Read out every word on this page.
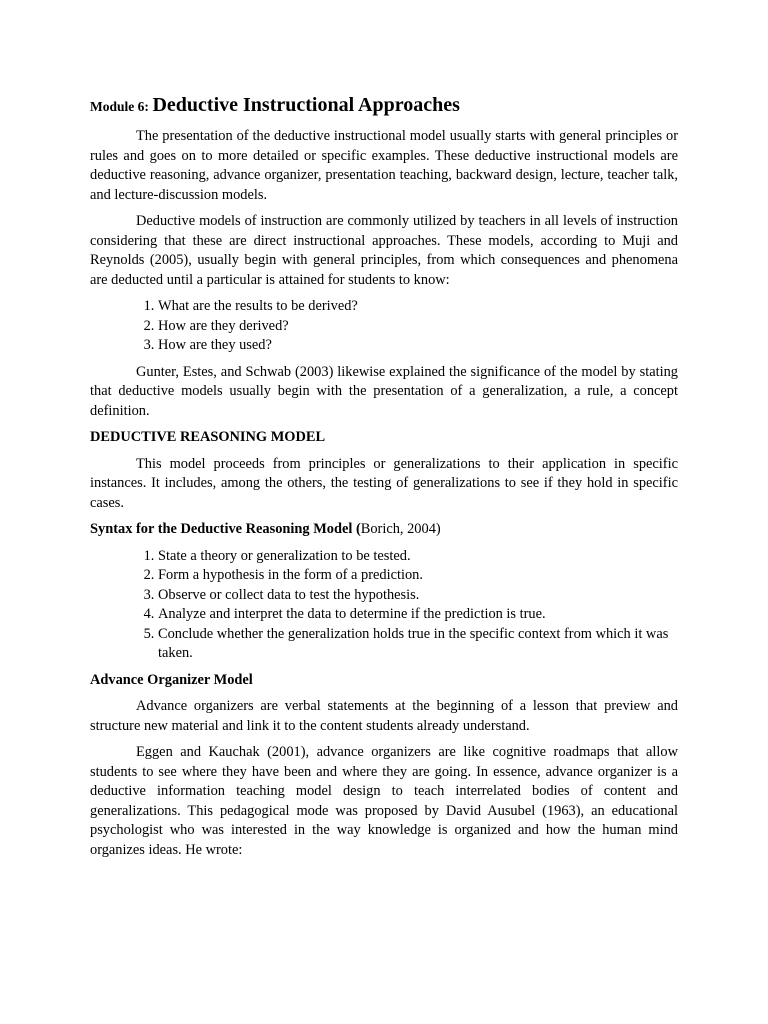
Module 6: Deductive Instructional Approaches

The presentation of the deductive instructional model usually starts with general principles or rules and goes on to more detailed or specific examples. These deductive instructional models are deductive reasoning, advance organizer, presentation teaching, backward design, lecture, teacher talk, and lecture-discussion models.

Deductive models of instruction are commonly utilized by teachers in all levels of instruction considering that these are direct instructional approaches. These models, according to Muji and Reynolds (2005), usually begin with general principles, from which consequences and phenomena are deducted until a particular is attained for students to know:

1. What are the results to be derived?
2. How are they derived?
3. How are they used?

Gunter, Estes, and Schwab (2003) likewise explained the significance of the model by stating that deductive models usually begin with the presentation of a generalization, a rule, a concept definition.

DEDUCTIVE REASONING MODEL

This model proceeds from principles or generalizations to their application in specific instances. It includes, among the others, the testing of generalizations to see if they hold in specific cases.

Syntax for the Deductive Reasoning Model (Borich, 2004)
1. State a theory or generalization to be tested.
2. Form a hypothesis in the form of a prediction.
3. Observe or collect data to test the hypothesis.
4. Analyze and interpret the data to determine if the prediction is true.
5. Conclude whether the generalization holds true in the specific context from which it was taken.
Advance Organizer Model

Advance organizers are verbal statements at the beginning of a lesson that preview and structure new material and link it to the content students already understand.

Eggen and Kauchak (2001), advance organizers are like cognitive roadmaps that allow students to see where they have been and where they are going. In essence, advance organizer is a deductive information teaching model design to teach interrelated bodies of content and generalizations. This pedagogical mode was proposed by David Ausubel (1963), an educational psychologist who was interested in the way knowledge is organized and how the human mind organizes ideas. He wrote:
